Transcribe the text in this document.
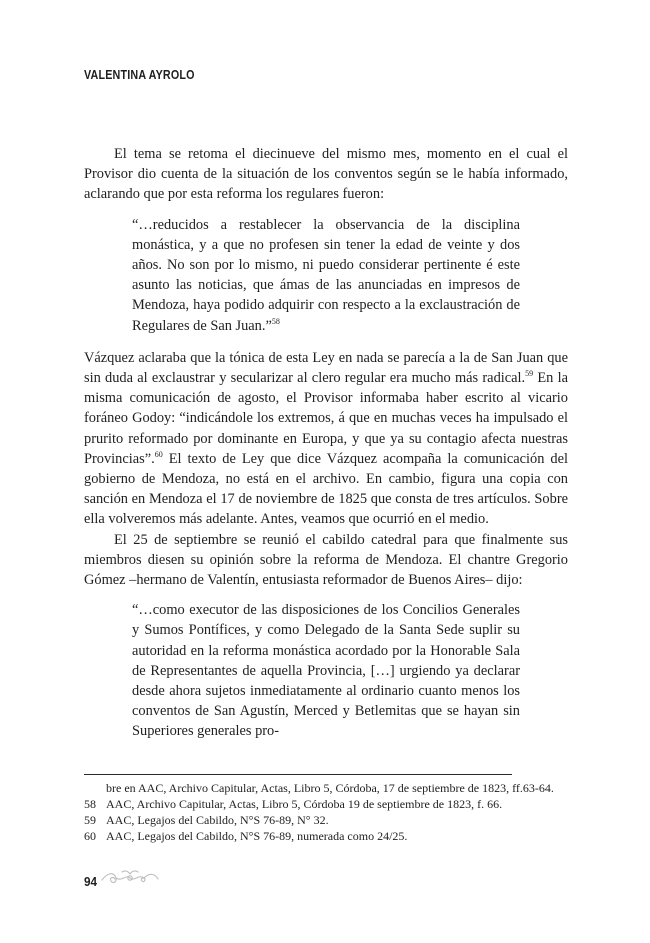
VALENTINA AYROLO

El tema se retoma el diecinueve del mismo mes, momento en el cual el Provisor dio cuenta de la situación de los conventos según se le había informado, aclarando que por esta reforma los regulares fueron:

“…reducidos a restablecer la observancia de la disciplina monástica, y a que no profesen sin tener la edad de veinte y dos años. No son por lo mismo, ni puedo considerar pertinente é este asunto las noticias, que ámas de las anunciadas en impresos de Mendoza, haya podido adquirir con respecto a la exclaustración de Regulares de San Juan.”$^{58}$

Vázquez aclaraba que la tónica de esta Ley en nada se parecía a la de San Juan que sin duda al exclaustrar y secularizar al clero regular era mucho más radical.$^{59}$ En la misma comunicación de agosto, el Provisor informaba haber escrito al vicario foráneo Godoy: “indicándole los extremos, á que en muchas veces ha impulsado el prurito reformado por dominante en Europa, y que ya su contagio afecta nuestras Provincias”.$^{60}$ El texto de Ley que dice Vázquez acompaña la comunicación del gobierno de Mendoza, no está en el archivo. En cambio, figura una copia con sanción en Mendoza el 17 de noviembre de 1825 que consta de tres artículos. Sobre ella volveremos más adelante. Antes, veamos que ocurrió en el medio.

El 25 de septiembre se reunió el cabildo catedral para que finalmente sus miembros diesen su opinión sobre la reforma de Mendoza. El chantre Gregorio Gómez –hermano de Valentín, entusiasta reformador de Buenos Aires– dijo:

“…como executor de las disposiciones de los Concilios Generales y Sumos Pontífices, y como Delegado de la Santa Sede suplir su autoridad en la reforma monástica acordado por la Honorable Sala de Representantes de aquella Provincia, […] urgiendo ya declarar desde ahora sujetos inmediatamente al ordinario cuanto menos los conventos de San Agustín, Merced y Betlemitas que se hayan sin Superiores generales pro-

bre en AAC, Archivo Capitular, Actas, Libro 5, Córdoba, 17 de septiembre de 1823, ff.63-64.
58 AAC, Archivo Capitular, Actas, Libro 5, Córdoba 19 de septiembre de 1823, f. 66.
59 AAC, Legajos del Cabildo, N°S 76-89, N° 32.
60 AAC, Legajos del Cabildo, N°S 76-89, numerada como 24/25.
94
